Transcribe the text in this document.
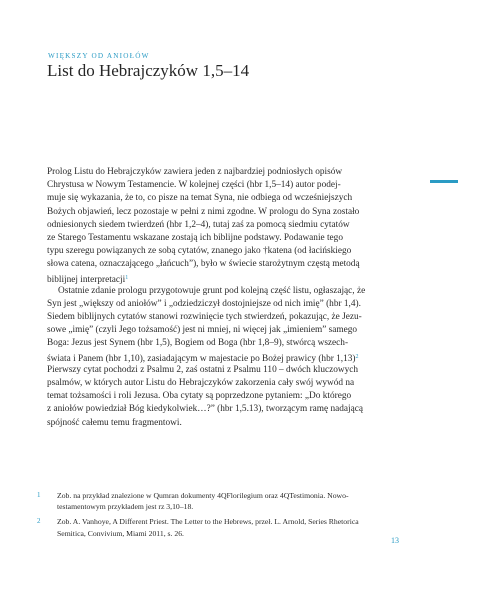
WIĘKSZY OD ANIOŁÓW
List do Hebrajczyków 1,5–14
Prolog Listu do Hebrajczyków zawiera jeden z najbardziej podniosłych opisów
Chrystusa w Nowym Testamencie. W kolejnej części (hbr 1,5–14) autor podej-
muje się wykazania, że to, co pisze na temat Syna, nie odbiega od wcześniejszych
Bożych objawień, lecz pozostaje w pełni z nimi zgodne. W prologu do Syna zostało
odniesionych siedem twierdzeń (hbr 1,2–4), tutaj zaś za pomocą siedmiu cytatów
ze Starego Testamentu wskazane zostają ich biblijne podstawy. Podawanie tego
typu szeregu powiązanych ze sobą cytatów, znanego jako †katena (od łacińskiego
słowa catena, oznaczającego „łańcuch”), było w świecie starożytnym częstą metodą
biblijnej interpretacji$^1$
Ostatnie zdanie prologu przygotowuje grunt pod kolejną część listu, ogłaszając, że
Syn jest „większy od aniołów” i „odziedziczył dostojniejsze od nich imię” (hbr 1,4).
Siedem biblijnych cytatów stanowi rozwinięcie tych stwierdzeń, pokazując, że Jezu-
sowe „imię” (czyli Jego tożsamość) jest ni mniej, ni więcej jak „imieniem” samego
Boga: Jezus jest Synem (hbr 1,5), Bogiem od Boga (hbr 1,8–9), stwórcą wszech-
świata i Panem (hbr 1,10), zasiadającym w majestacie po Bożej prawicy (hbr 1,13)$^2$
Pierwszy cytat pochodzi z Psalmu 2, zaś ostatni z Psalmu 110 – dwóch kluczowych
psalmów, w których autor Listu do Hebrajczyków zakorzenia cały swój wywód na
temat tożsamości i roli Jezusa. Oba cytaty są poprzedzone pytaniem: „Do którego
z aniołów powiedział Bóg kiedykolwiek…?” (hbr 1,5.13), tworzącym ramę nadającą
spójność całemu temu fragmentowi.
1 Zob. na przykład znalezione w Qumran dokumenty 4QFlorilegium oraz 4QTestimonia. Nowo-
testamentowym przykładem jest rz 3,10–18.
2 Zob. A. Vanhoye, A Different Priest. The Letter to the Hebrews, przeł. L. Arnold, Series Rhetorica
Semitica, Convivium, Miami 2011, s. 26.
13
